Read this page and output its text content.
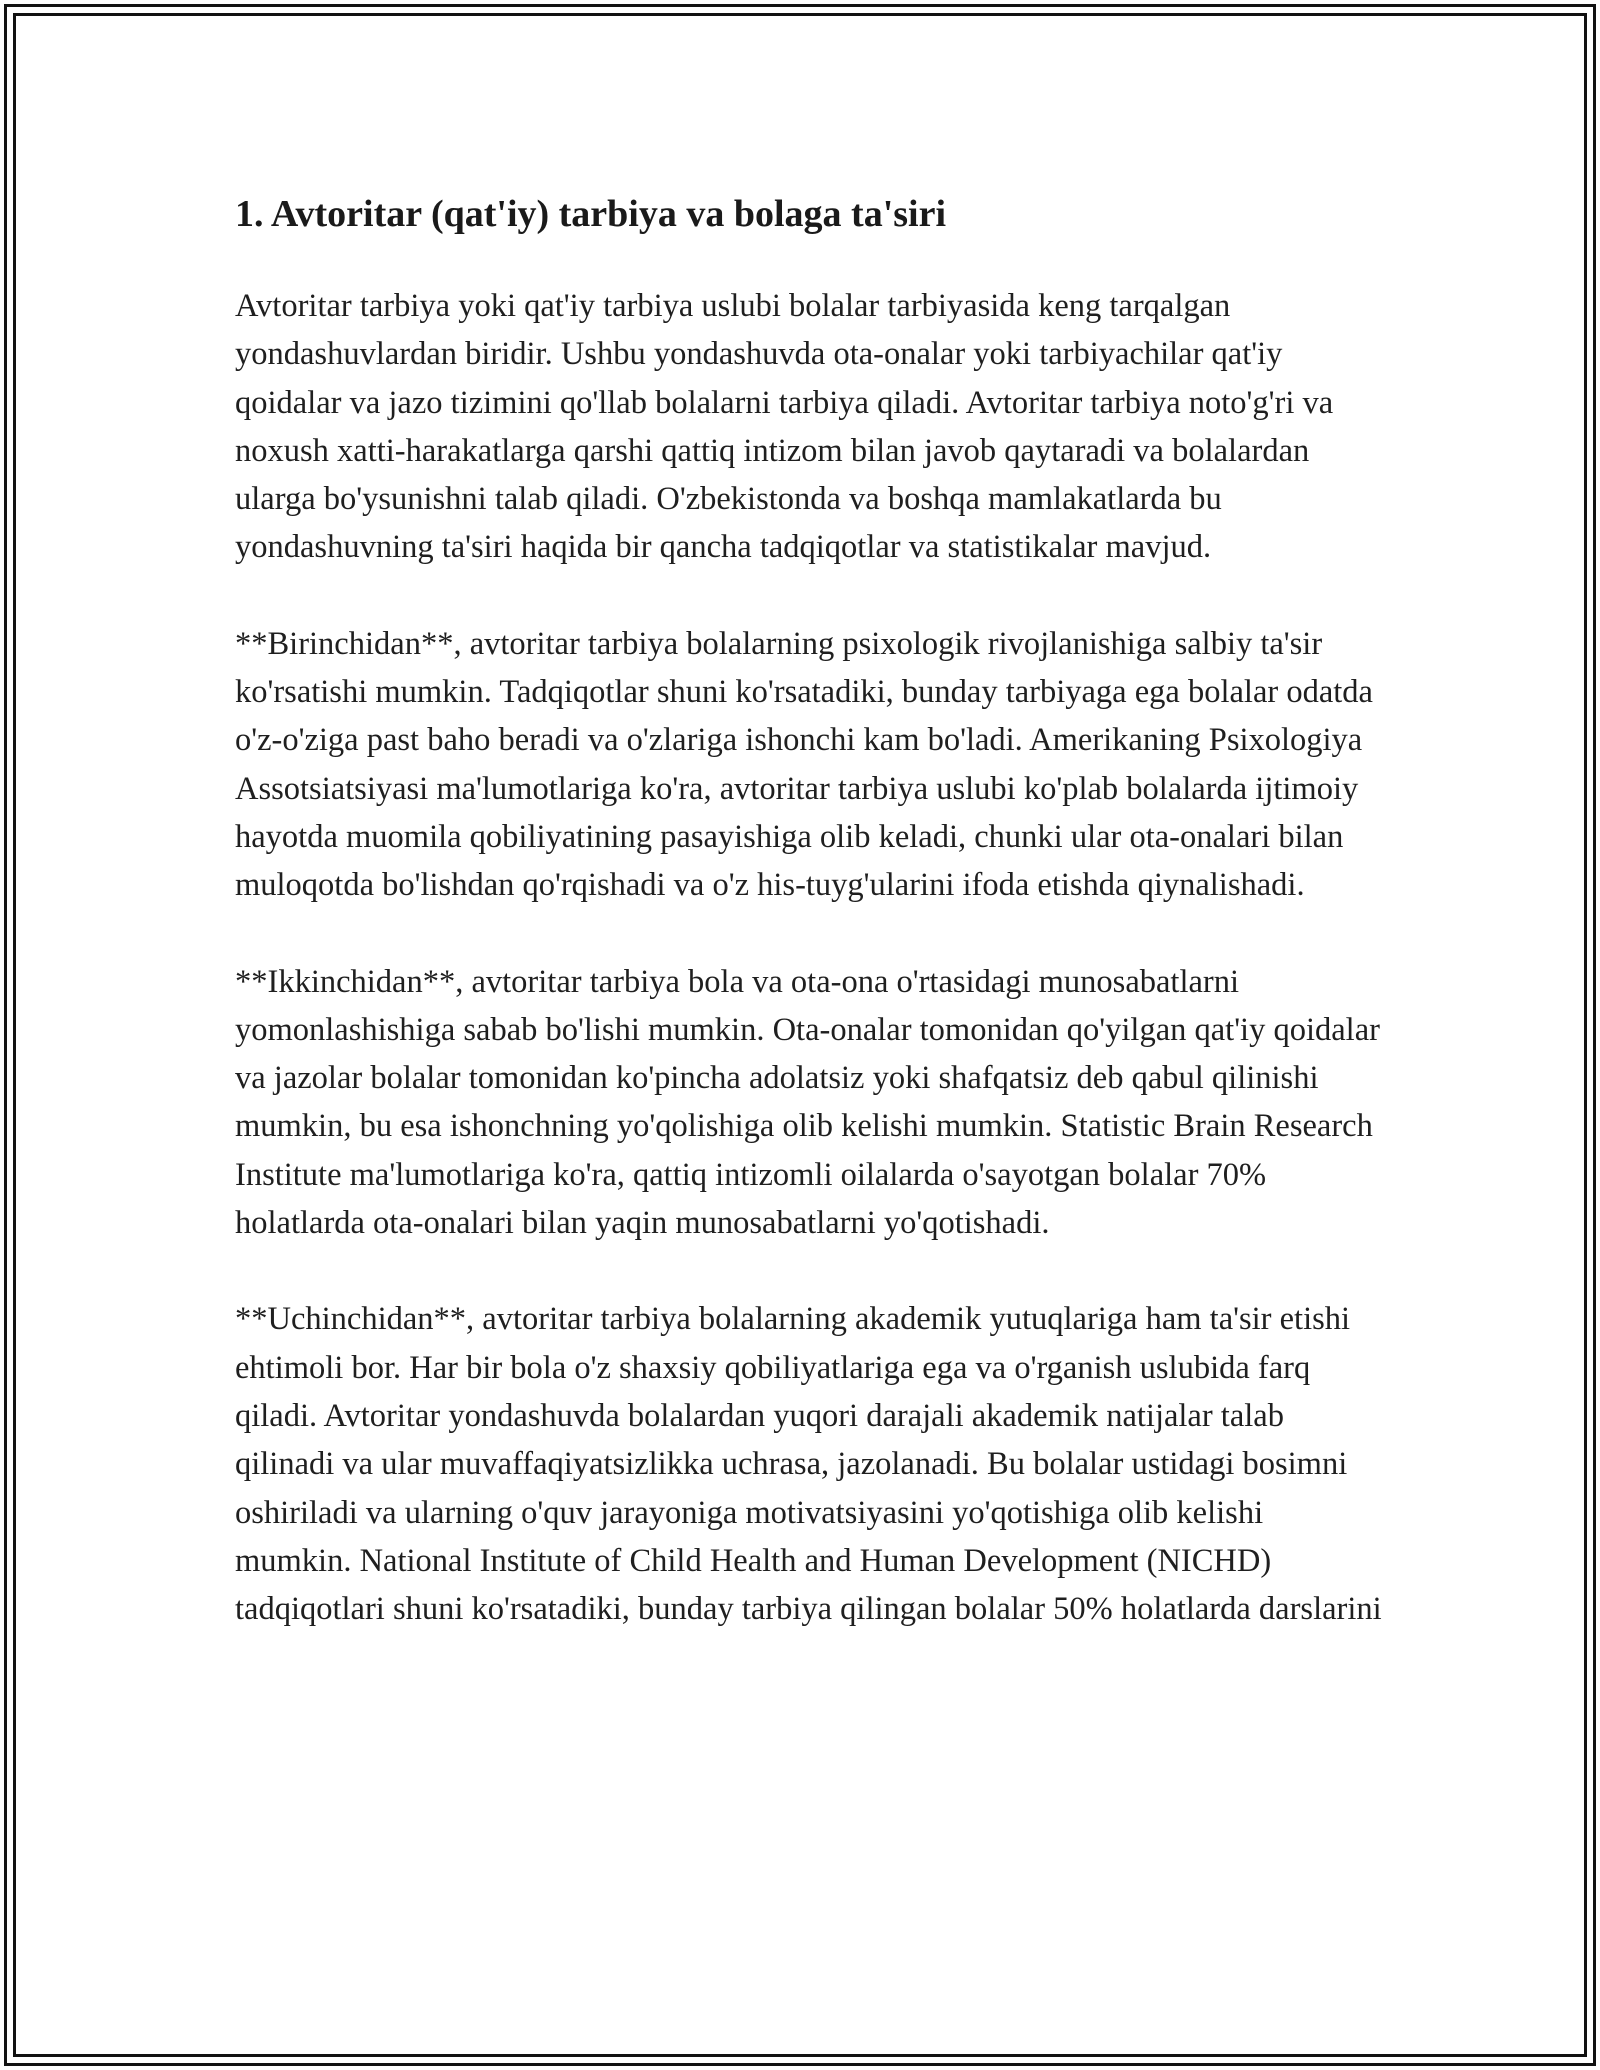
1. Avtoritar (qat'iy) tarbiya va bolaga ta'siri

Avtoritar tarbiya yoki qat'iy tarbiya uslubi bolalar tarbiyasida keng tarqalgan yondashuvlardan biridir. Ushbu yondashuvda ota-onalar yoki tarbiyachilar qat'iy qoidalar va jazo tizimini qo'llab bolalarni tarbiya qiladi. Avtoritar tarbiya noto'g'ri va noxush xatti-harakatlarga qarshi qattiq intizom bilan javob qaytaradi va bolalardan ularga bo'ysunishni talab qiladi. O'zbekistonda va boshqa mamlakatlarda bu yondashuvning ta'siri haqida bir qancha tadqiqotlar va statistikalar mavjud.

**Birinchidan**, avtoritar tarbiya bolalarning psixologik rivojlanishiga salbiy ta'sir ko'rsatishi mumkin. Tadqiqotlar shuni ko'rsatadiki, bunday tarbiyaga ega bolalar odatda o'z-o'ziga past baho beradi va o'zlariga ishonchi kam bo'ladi. Amerikaning Psixologiya Assotsiatsiyasi ma'lumotlariga ko'ra, avtoritar tarbiya uslubi ko'plab bolalarda ijtimoiy hayotda muomila qobiliyatining pasayishiga olib keladi, chunki ular ota-onalari bilan muloqotda bo'lishdan qo'rqishadi va o'z his-tuyg'ularini ifoda etishda qiynalishadi.

**Ikkinchidan**, avtoritar tarbiya bola va ota-ona o'rtasidagi munosabatlarni yomonlashishiga sabab bo'lishi mumkin. Ota-onalar tomonidan qo'yilgan qat'iy qoidalar va jazolar bolalar tomonidan ko'pincha adolatsiz yoki shafqatsiz deb qabul qilinishi mumkin, bu esa ishonchning yo'qolishiga olib kelishi mumkin. Statistic Brain Research Institute ma'lumotlariga ko'ra, qattiq intizomli oilalarda o'sayotgan bolalar 70% holatlarda ota-onalari bilan yaqin munosabatlarni yo'qotishadi.

**Uchinchidan**, avtoritar tarbiya bolalarning akademik yutuqlariga ham ta'sir etishi ehtimoli bor. Har bir bola o'z shaxsiy qobiliyatlariga ega va o'rganish uslubida farq qiladi. Avtoritar yondashuvda bolalardan yuqori darajali akademik natijalar talab qilinadi va ular muvaffaqiyatsizlikka uchrasa, jazolanadi. Bu bolalar ustidagi bosimni oshiriladi va ularning o'quv jarayoniga motivatsiyasini yo'qotishiga olib kelishi mumkin. National Institute of Child Health and Human Development (NICHD) tadqiqotlari shuni ko'rsatadiki, bunday tarbiya qilingan bolalar 50% holatlarda darslarini
